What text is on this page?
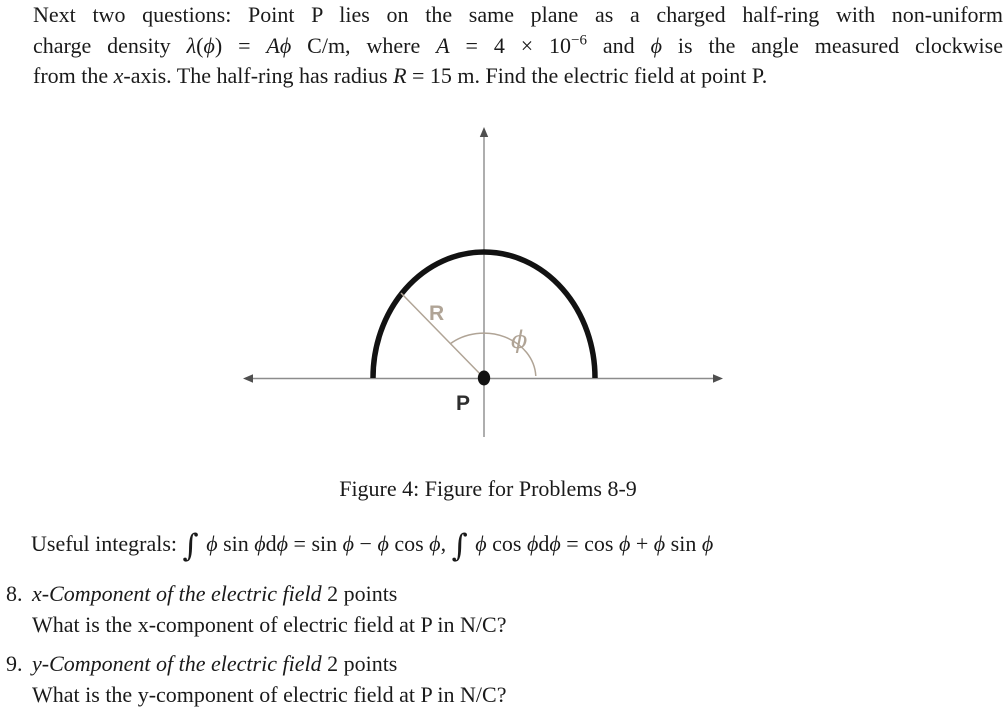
Next two questions: Point P lies on the same plane as a charged half-ring with non-uniform
charge density λ(ϕ) = Aϕ C/m, where $A = 4 \times 10^{-6}$ and ϕ is the angle measured clockwise
from the x-axis. The half-ring has radius R = 15 m. Find the electric field at point P.
R
ϕ
P
Figure 4: Figure for Problems 8-9
Useful integrals: ∫ ϕ sin ϕdϕ = sin ϕ − ϕ cos ϕ, ∫ ϕ cos ϕdϕ = cos ϕ + ϕ sin ϕ
8. x-Component of the electric field 2 points
What is the x-component of electric field at P in N/C?
9. y-Component of the electric field 2 points
What is the y-component of electric field at P in N/C?
